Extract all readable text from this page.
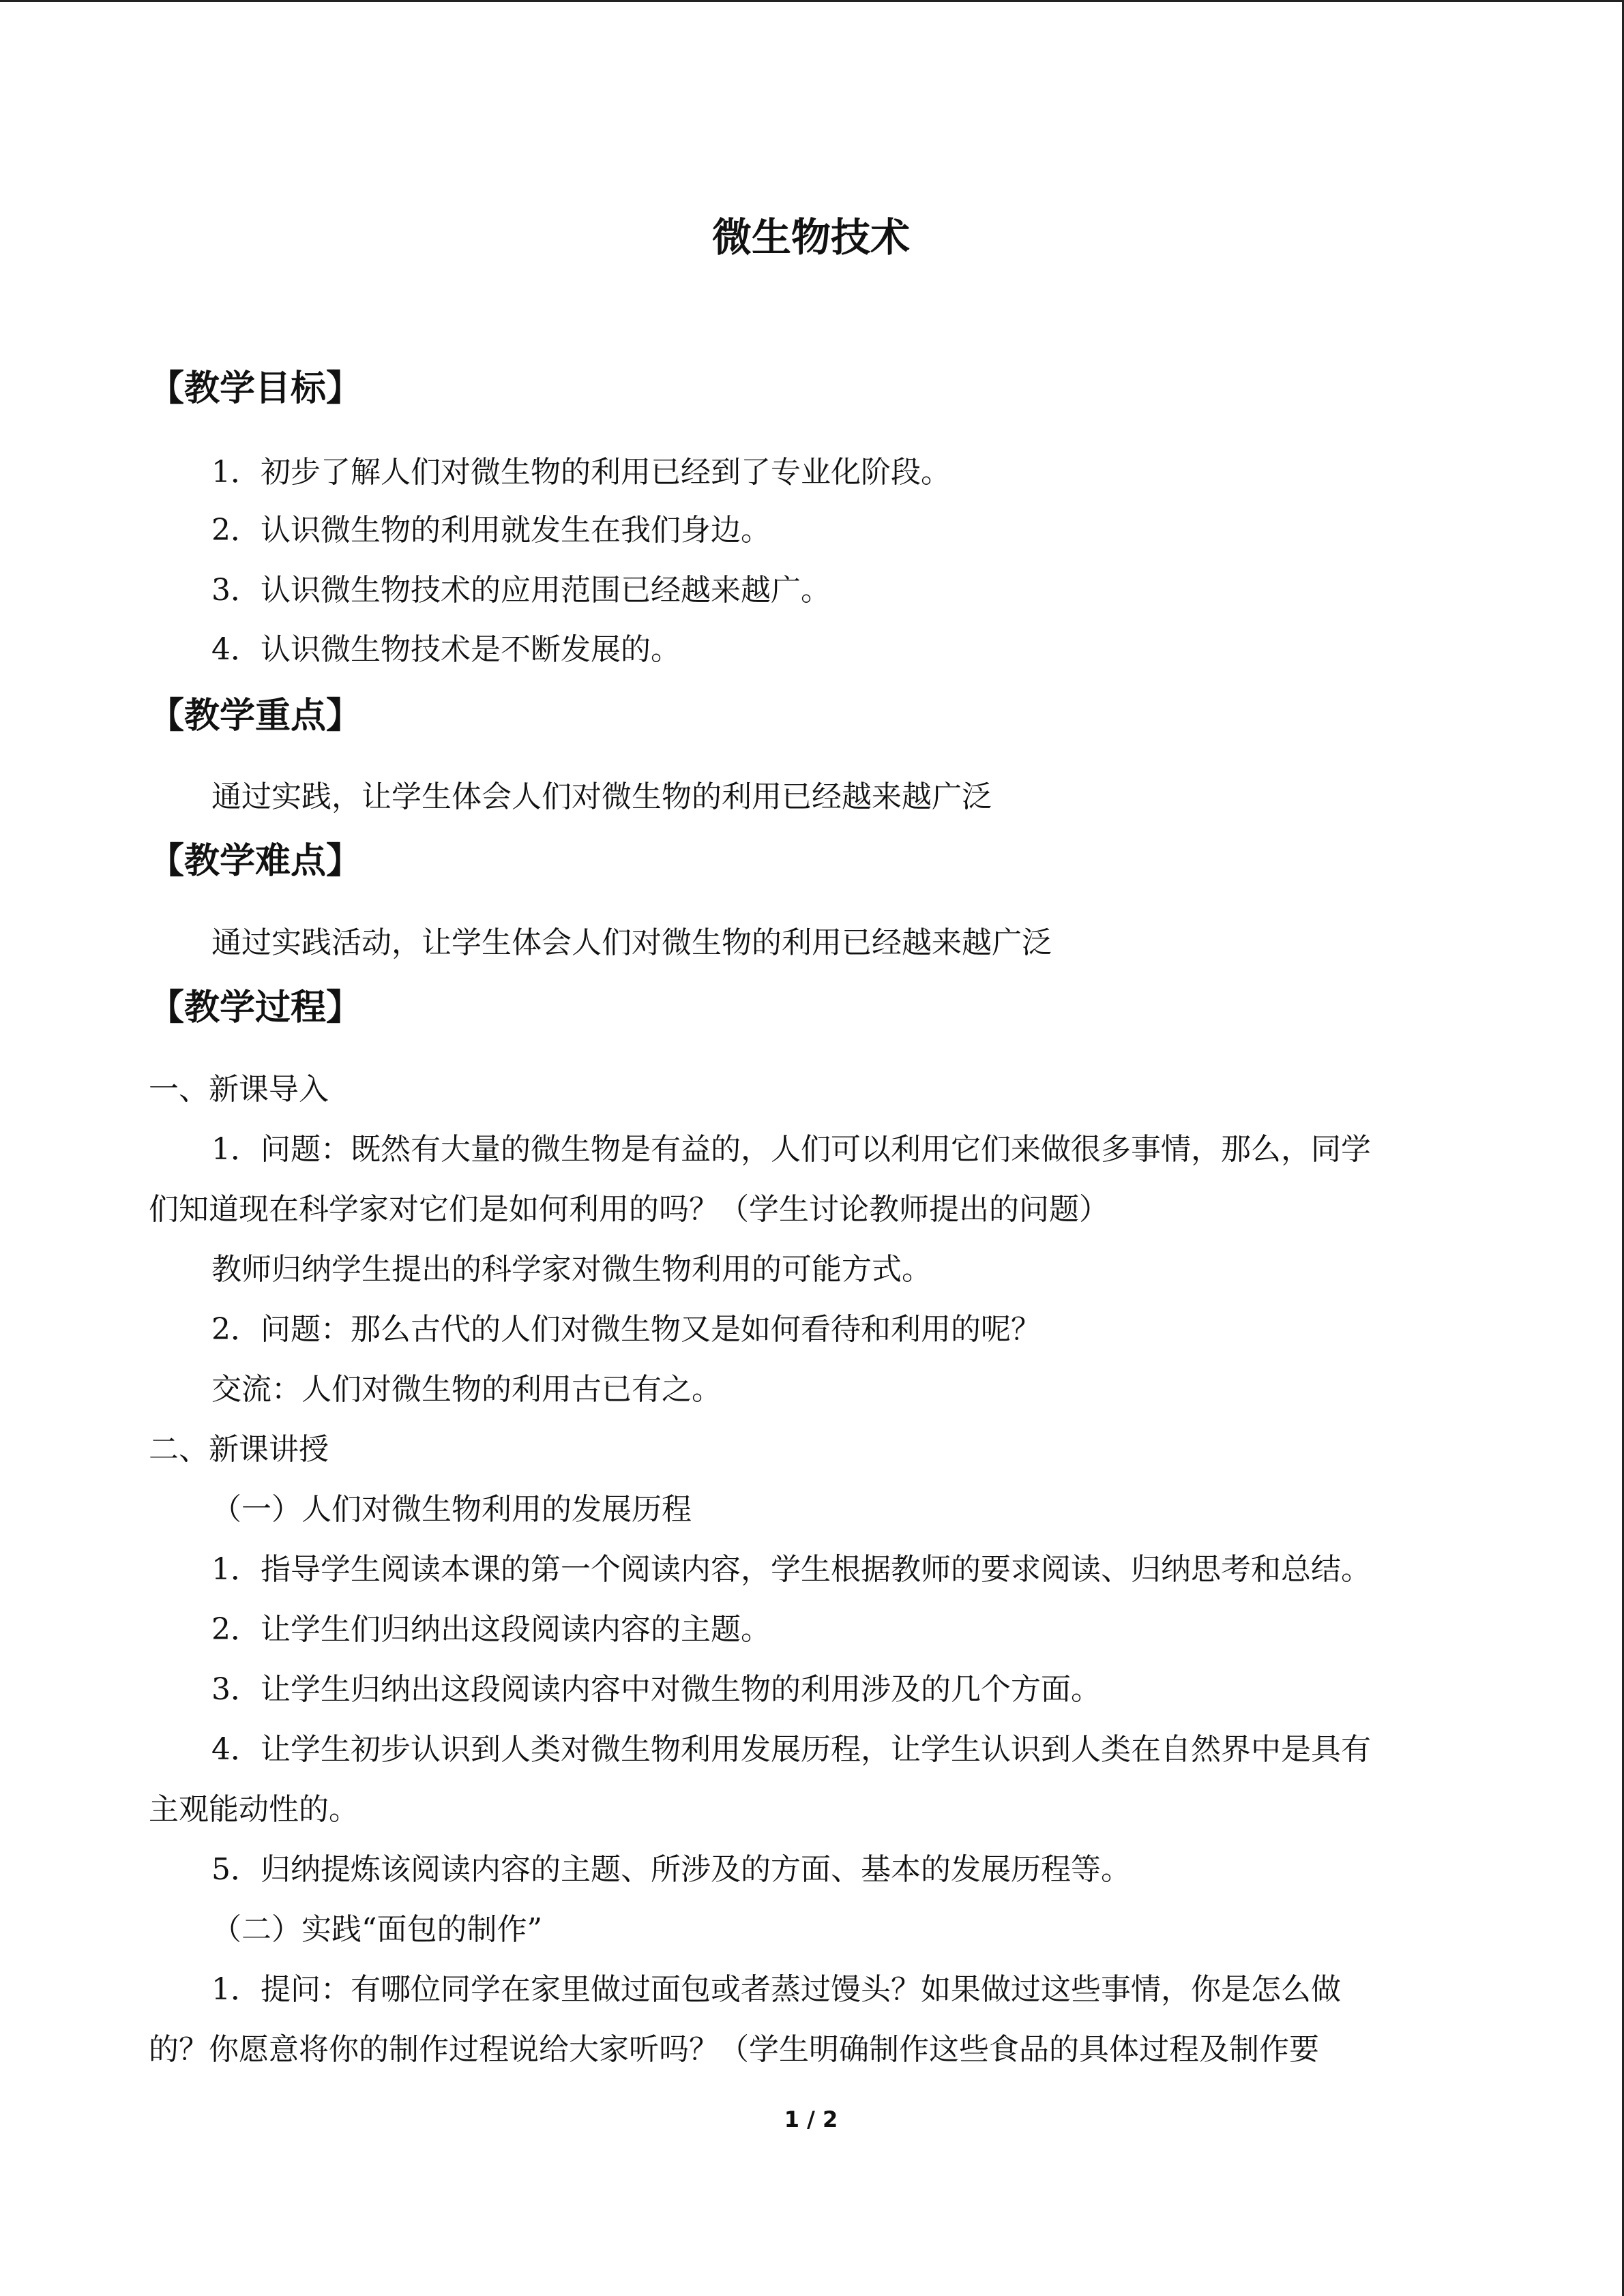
微生物技术
【教学目标】

1．初步了解人们对微生物的利用已经到了专业化阶段。

2．认识微生物的利用就发生在我们身边。

3．认识微生物技术的应用范围已经越来越广。

4．认识微生物技术是不断发展的。

【教学重点】

通过实践，让学生体会人们对微生物的利用已经越来越广泛

【教学难点】

通过实践活动，让学生体会人们对微生物的利用已经越来越广泛

【教学过程】

一、新课导入

1．问题：既然有大量的微生物是有益的，人们可以利用它们来做很多事情，那么，同学

们知道现在科学家对它们是如何利用的吗？（学生讨论教师提出的问题）

教师归纳学生提出的科学家对微生物利用的可能方式。

2．问题：那么古代的人们对微生物又是如何看待和利用的呢？

交流：人们对微生物的利用古已有之。

二、新课讲授

（一）人们对微生物利用的发展历程

1．指导学生阅读本课的第一个阅读内容，学生根据教师的要求阅读、归纳思考和总结。

2．让学生们归纳出这段阅读内容的主题。

3．让学生归纳出这段阅读内容中对微生物的利用涉及的几个方面。

4．让学生初步认识到人类对微生物利用发展历程，让学生认识到人类在自然界中是具有

主观能动性的。

5．归纳提炼该阅读内容的主题、所涉及的方面、基本的发展历程等。

（二）实践“面包的制作”

1．提问：有哪位同学在家里做过面包或者蒸过馒头？如果做过这些事情，你是怎么做

的？你愿意将你的制作过程说给大家听吗？（学生明确制作这些食品的具体过程及制作要

1 / 2
